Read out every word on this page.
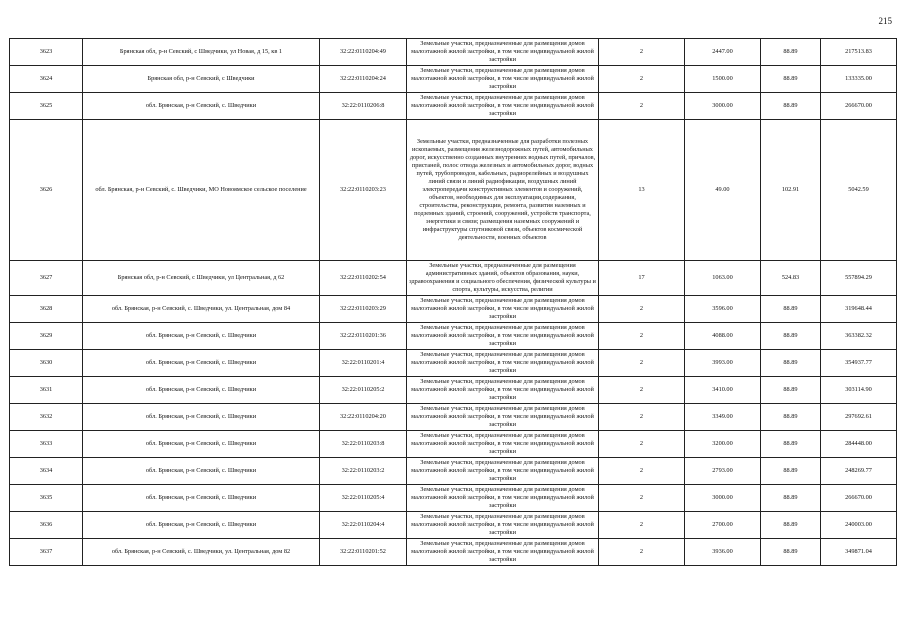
215
3623	Брянская обл, р-н Севский, с Шведчики, ул Новая, д 15, кв 1	32:22:0110204:49	Земельные участки, предназначенные для размещения домов малоэтажной жилой застройки, в том числе индивидуальной жилой застройки	2	2447.00	88.89	217513.83
3624	Брянская обл, р-н Севский, с Шведчики	32:22:0110204:24	Земельные участки, предназначенные для размещения домов малоэтажной жилой застройки, в том числе индивидуальной жилой застройки	2	1500.00	88.89	133335.00
3625	обл. Брянская, р-н Севский, с. Шведчики	32:22:0110206:8	Земельные участки, предназначенные для размещения домов малоэтажной жилой застройки, в том числе индивидуальной жилой застройки	2	3000.00	88.89	266670.00
3626	обл. Брянская, р-н Севский, с. Шведчики, МО Новоямское сельское поселение	32:22:0110203:23	Земельные участки, предназначенные для разработки полезных ископаемых, размещения железнодорожных путей, автомобильных дорог, искусственно созданных внутренних водных путей, причалов, пристаней, полос отвода железных и автомобильных дорог, водных путей, трубопроводов, кабельных, радиорелейных и воздушных линий связи и линий радиофикации, воздушных линий электропередачи конструктивных элементов и сооружений, объектов, необходимых для эксплуатации,содержания, строительства, реконструкции, ремонта, развития наземных и подземных зданий, строений, сооружений, устройств транспорта, энергетики и связи; размещения наземных сооружений и инфраструктуры спутниковой связи, объектов космической деятельности, военных объектов	13	49.00	102.91	5042.59
3627	Брянская обл, р-н Севский, с Шведчики, ул Центральная, д 62	32:22:0110202:54	Земельные участки, предназначенные для размещения административных зданий, объектов образования, науки, здравоохранения и социального обеспечения, физической культуры и спорта, культуры, искусства, религии	17	1063.00	524.83	557894.29
3628	обл. Брянская, р-н Севский, с. Шведчики, ул. Центральная, дом 84	32:22:0110203:29	Земельные участки, предназначенные для размещения домов малоэтажной жилой застройки, в том числе индивидуальной жилой застройки	2	3596.00	88.89	319648.44
3629	обл. Брянская, р-н Севский, с. Шведчики	32:22:0110201:36	Земельные участки, предназначенные для размещения домов малоэтажной жилой застройки, в том числе индивидуальной жилой застройки	2	4088.00	88.89	363382.32
3630	обл. Брянская, р-н Севский, с. Шведчики	32:22:0110201:4	Земельные участки, предназначенные для размещения домов малоэтажной жилой застройки, в том числе индивидуальной жилой застройки	2	3993.00	88.89	354937.77
3631	обл. Брянская, р-н Севский, с. Шведчики	32:22:0110205:2	Земельные участки, предназначенные для размещения домов малоэтажной жилой застройки, в том числе индивидуальной жилой застройки	2	3410.00	88.89	303114.90
3632	обл. Брянская, р-н Севский, с. Шведчики	32:22:0110204:20	Земельные участки, предназначенные для размещения домов малоэтажной жилой застройки, в том числе индивидуальной жилой застройки	2	3349.00	88.89	297692.61
3633	обл. Брянская, р-н Севский, с. Шведчики	32:22:0110203:8	Земельные участки, предназначенные для размещения домов малоэтажной жилой застройки, в том числе индивидуальной жилой застройки	2	3200.00	88.89	284448.00
3634	обл. Брянская, р-н Севский, с. Шведчики	32:22:0110203:2	Земельные участки, предназначенные для размещения домов малоэтажной жилой застройки, в том числе индивидуальной жилой застройки	2	2793.00	88.89	248269.77
3635	обл. Брянская, р-н Севский, с. Шведчики	32:22:0110205:4	Земельные участки, предназначенные для размещения домов малоэтажной жилой застройки, в том числе индивидуальной жилой застройки	2	3000.00	88.89	266670.00
3636	обл. Брянская, р-н Севский, с. Шведчики	32:22:0110204:4	Земельные участки, предназначенные для размещения домов малоэтажной жилой застройки, в том числе индивидуальной жилой застройки	2	2700.00	88.89	240003.00
3637	обл. Брянская, р-н Севский, с. Шведчики, ул. Центральная, дом 82	32:22:0110201:52	Земельные участки, предназначенные для размещения домов малоэтажной жилой застройки, в том числе индивидуальной жилой застройки	2	3936.00	88.89	349871.04
